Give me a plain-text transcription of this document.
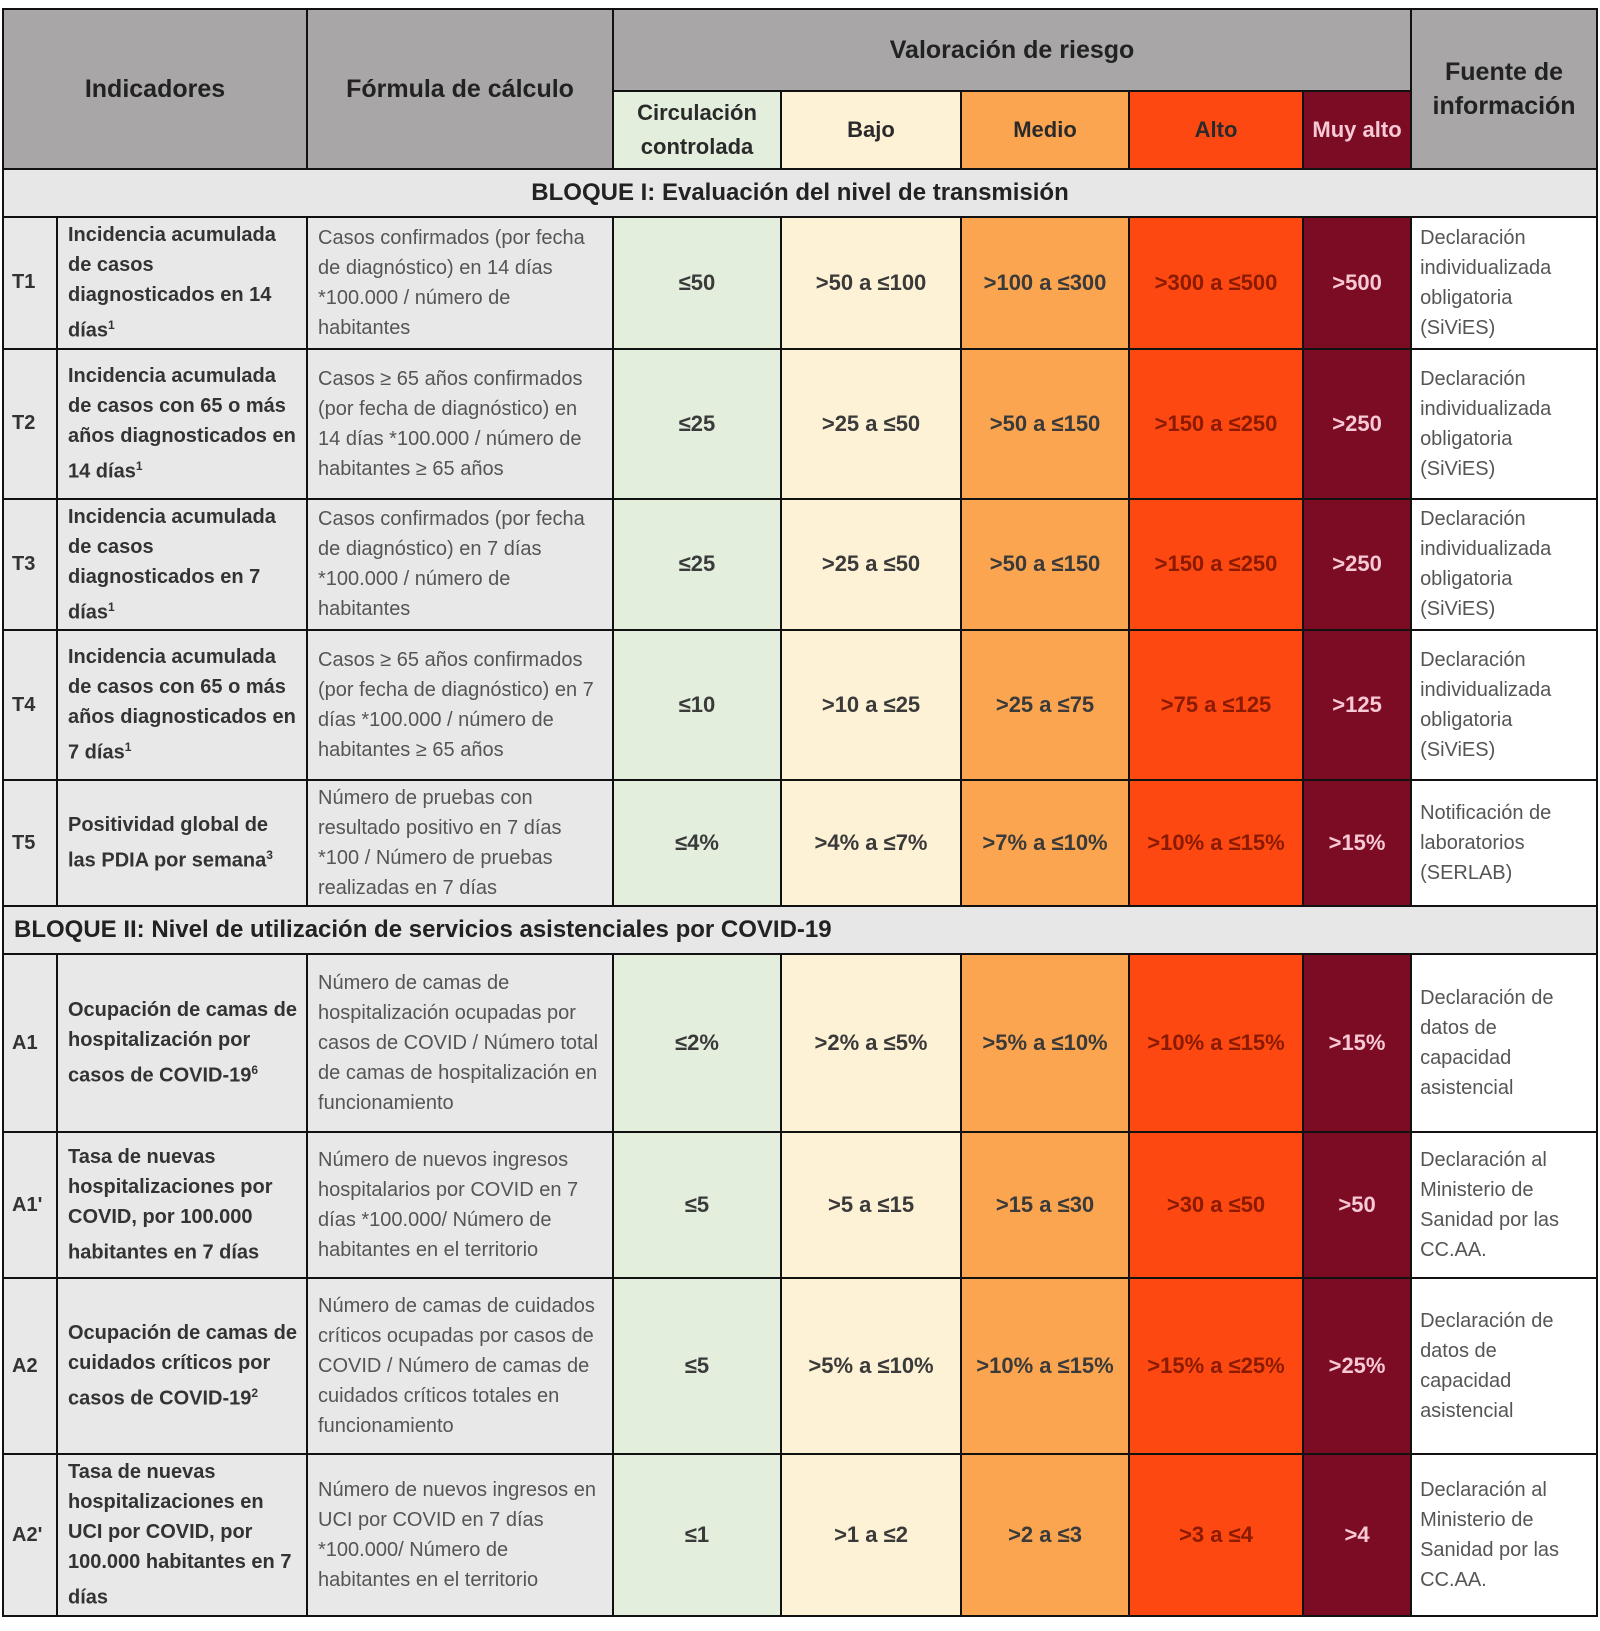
Indicadores		Fórmula de cálculo	Valoración de riesgo					Fuente de información
			Circulación controlada	Bajo	Medio	Alto	Muy alto	
BLOQUE I: Evaluación del nivel de transmisión								
T1	Incidencia acumulada de casos diagnosticados en 14 días$^1$	Casos confirmados (por fecha de diagnóstico) en 14 días *100.000 / número de habitantes	≤50	>50 a ≤100	>100 a ≤300	>300 a ≤500	>500	Declaración individualizada obligatoria (SiViES)
T2	Incidencia acumulada de casos con 65 o más años diagnosticados en 14 días$^1$	Casos ≥ 65 años confirmados (por fecha de diagnóstico) en 14 días *100.000 / número de habitantes ≥ 65 años	≤25	>25 a ≤50	>50 a ≤150	>150 a ≤250	>250	Declaración individualizada obligatoria (SiViES)
T3	Incidencia acumulada de casos diagnosticados en 7 días$^1$	Casos confirmados (por fecha de diagnóstico) en 7 días *100.000 / número de habitantes	≤25	>25 a ≤50	>50 a ≤150	>150 a ≤250	>250	Declaración individualizada obligatoria (SiViES)
T4	Incidencia acumulada de casos con 65 o más años diagnosticados en 7 días$^1$	Casos ≥ 65 años confirmados (por fecha de diagnóstico) en 7 días *100.000 / número de habitantes ≥ 65 años	≤10	>10 a ≤25	>25 a ≤75	>75 a ≤125	>125	Declaración individualizada obligatoria (SiViES)
T5	Positividad global de las PDIA por semana$^3$	Número de pruebas con resultado positivo en 7 días *100 / Número de pruebas realizadas en 7 días	≤4%	>4% a ≤7%	>7% a ≤10%	>10% a ≤15%	>15%	Notificación de laboratorios (SERLAB)
BLOQUE II: Nivel de utilización de servicios asistenciales por COVID-19								
A1	Ocupación de camas de hospitalización por casos de COVID-$19^6$	Número de camas de hospitalización ocupadas por casos de COVID / Número total de camas de hospitalización en funcionamiento	≤2%	>2% a ≤5%	>5% a ≤10%	>10% a ≤15%	>15%	Declaración de datos de capacidad asistencial
A1'	Tasa de nuevas hospitalizaciones por COVID, por 100.000 habitantes en 7 días	Número de nuevos ingresos hospitalarios por COVID en 7 días *100.000/ Número de habitantes en el territorio	≤5	>5 a ≤15	>15 a ≤30	>30 a ≤50	>50	Declaración al Ministerio de Sanidad por las CC.AA.
A2	Ocupación de camas de cuidados críticos por casos de COVID-$19^2$	Número de camas de cuidados críticos ocupadas por casos de COVID / Número de camas de cuidados críticos totales en funcionamiento	≤5	>5% a ≤10%	>10% a ≤15%	>15% a ≤25%	>25%	Declaración de datos de capacidad asistencial
A2'	Tasa de nuevas hospitalizaciones en UCI por COVID, por 100.000 habitantes en 7 días	Número de nuevos ingresos en UCI por COVID en 7 días *100.000/ Número de habitantes en el territorio	≤1	>1 a ≤2	>2 a ≤3	>3 a ≤4	>4	Declaración al Ministerio de Sanidad por las CC.AA.
